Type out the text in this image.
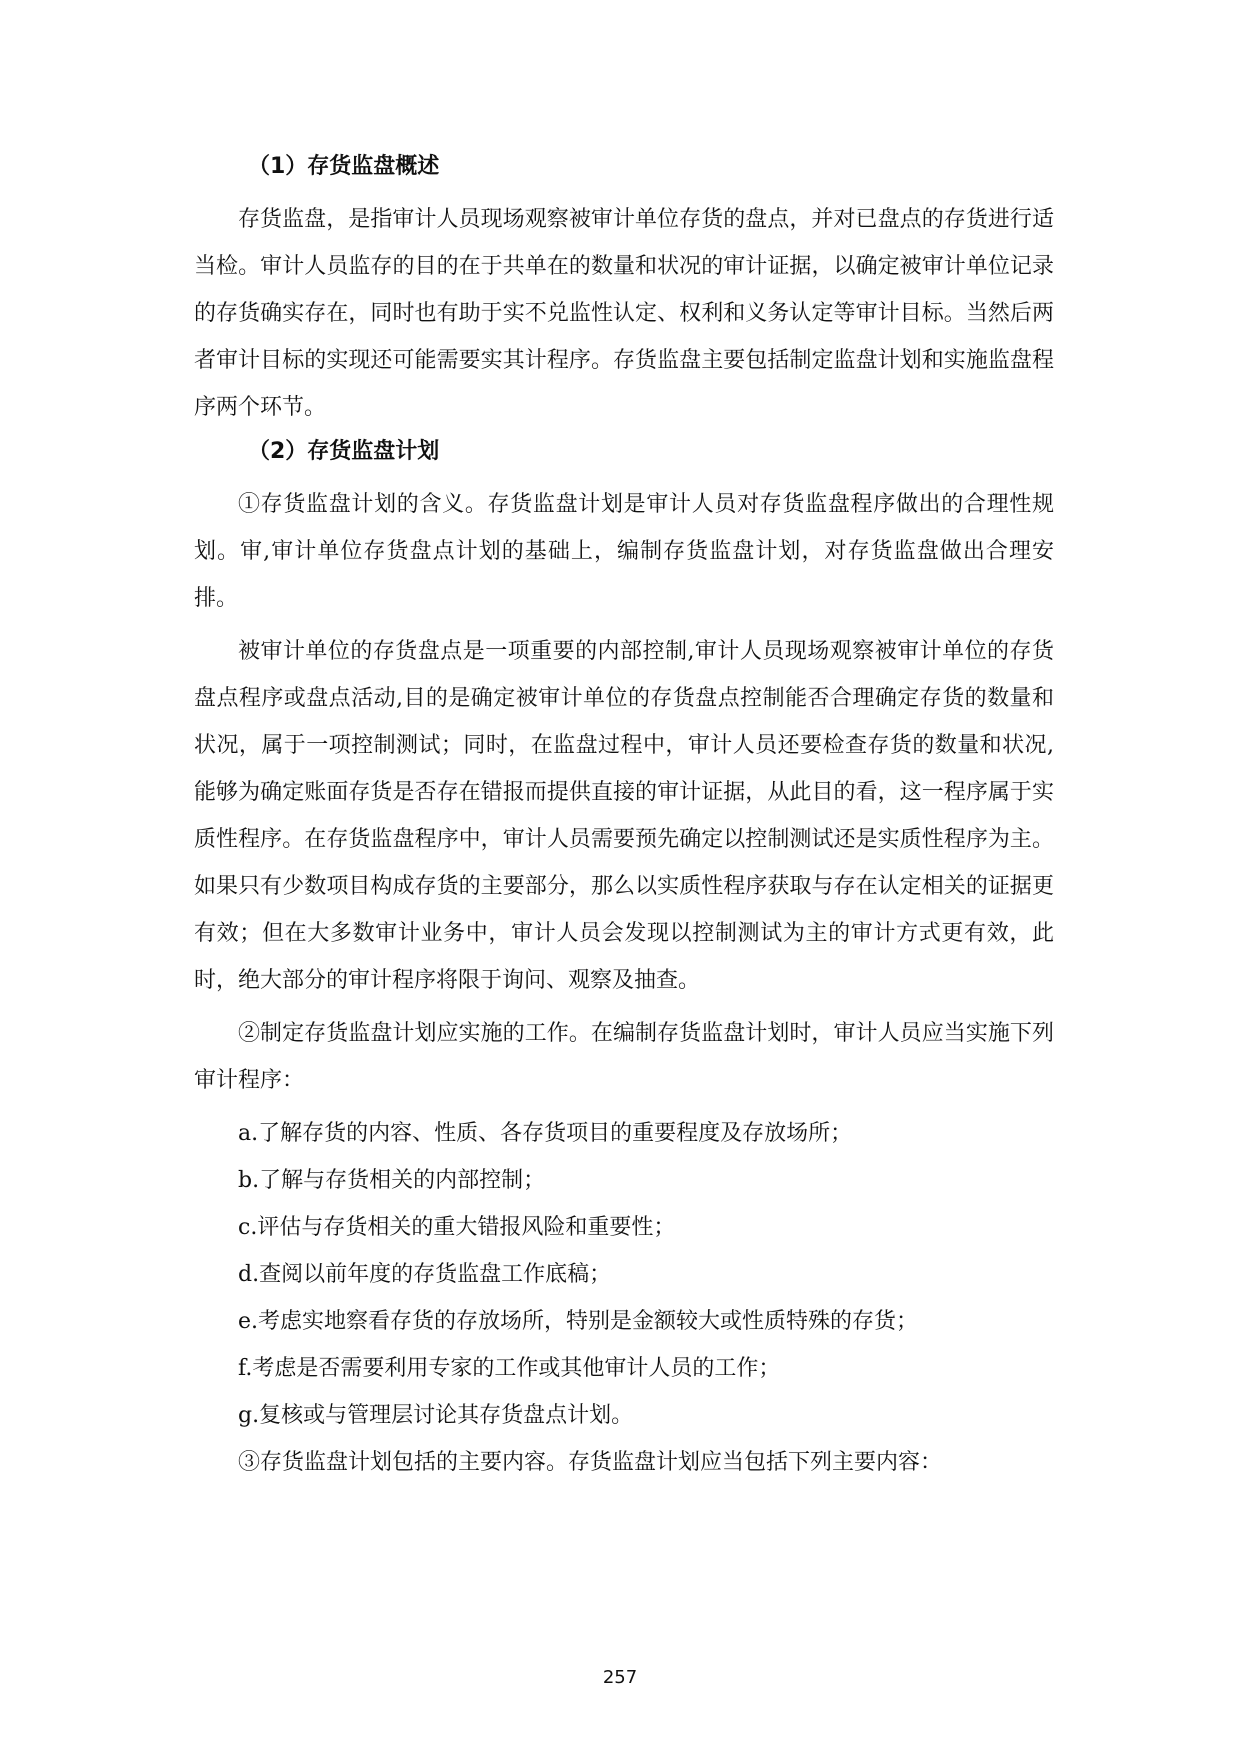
（1）存货监盘概述

存货监盘，是指审计人员现场观察被审计单位存货的盘点，并对已盘点的存货进行适当检。审计人员监存的目的在于共单在的数量和状况的审计证据，以确定被审计单位记录的存货确实存在，同时也有助于实不兑监性认定、权利和义务认定等审计目标。当然后两者审计目标的实现还可能需要实其计程序。存货监盘主要包括制定监盘计划和实施监盘程序两个环节。

（2）存货监盘计划

①存货监盘计划的含义。存货监盘计划是审计人员对存货监盘程序做出的合理性规划。审,审计单位存货盘点计划的基础上，编制存货监盘计划，对存货监盘做出合理安排。

被审计单位的存货盘点是一项重要的内部控制,审计人员现场观察被审计单位的存货盘点程序或盘点活动,目的是确定被审计单位的存货盘点控制能否合理确定存货的数量和状况，属于一项控制测试；同时，在监盘过程中，审计人员还要检查存货的数量和状况,能够为确定账面存货是否存在错报而提供直接的审计证据，从此目的看，这一程序属于实质性程序。在存货监盘程序中，审计人员需要预先确定以控制测试还是实质性程序为主。如果只有少数项目构成存货的主要部分，那么以实质性程序获取与存在认定相关的证据更有效；但在大多数审计业务中，审计人员会发现以控制测试为主的审计方式更有效，此时，绝大部分的审计程序将限于询问、观察及抽查。

②制定存货监盘计划应实施的工作。在编制存货监盘计划时，审计人员应当实施下列审计程序：

a.了解存货的内容、性质、各存货项目的重要程度及存放场所；

b.了解与存货相关的内部控制；

c.评估与存货相关的重大错报风险和重要性；

d.查阅以前年度的存货监盘工作底稿；

e.考虑实地察看存货的存放场所，特别是金额较大或性质特殊的存货；

f.考虑是否需要利用专家的工作或其他审计人员的工作；

g.复核或与管理层讨论其存货盘点计划。

③存货监盘计划包括的主要内容。存货监盘计划应当包括下列主要内容：

257
